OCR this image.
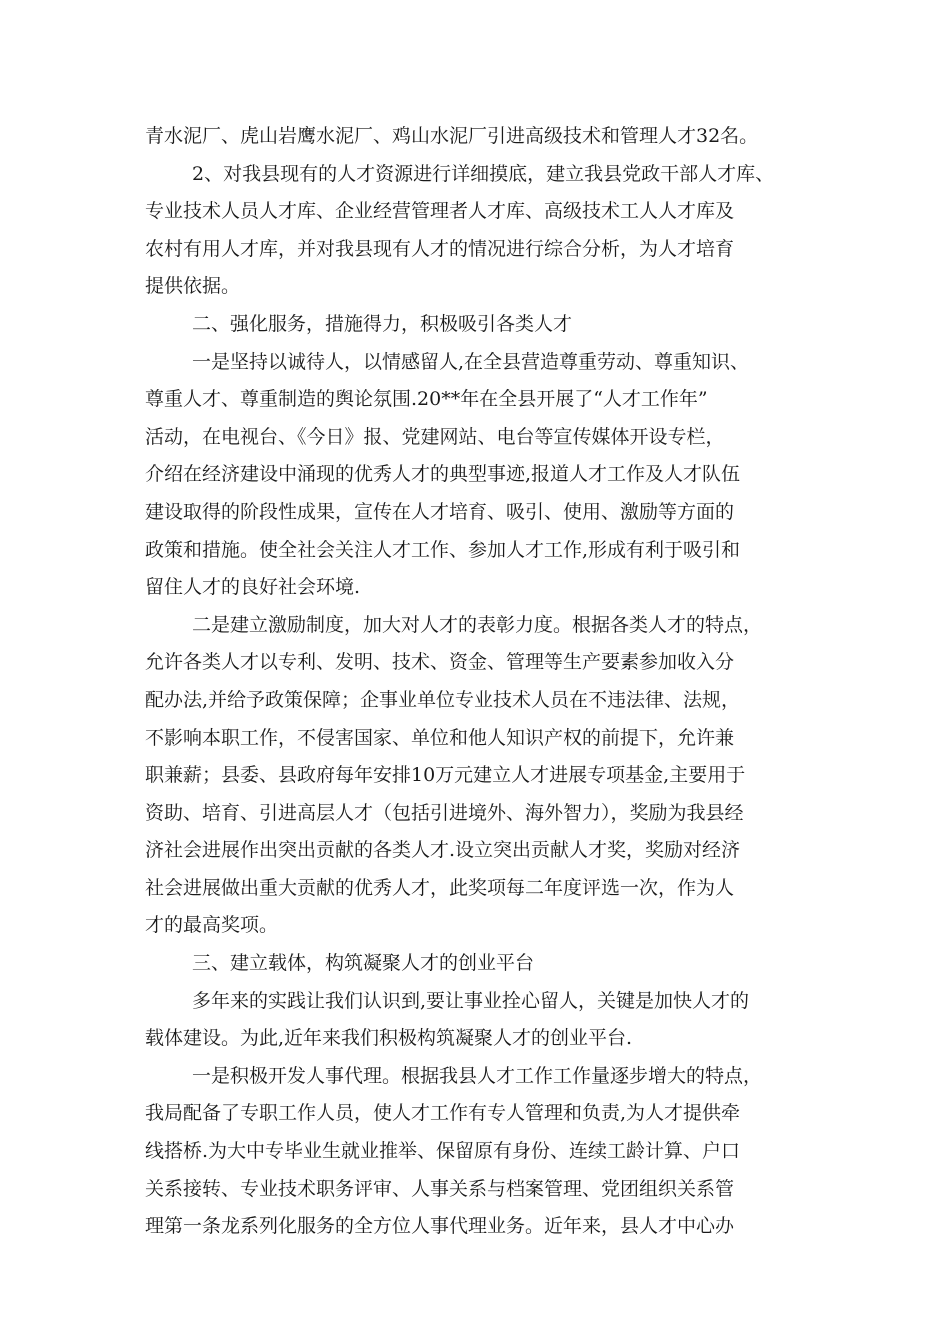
青水泥厂、虎山岩鹰水泥厂、鸡山水泥厂引进高级技术和管理人才32名。
2、对我县现有的人才资源进行详细摸底，建立我县党政干部人才库、
专业技术人员人才库、企业经营管理者人才库、高级技术工人人才库及
农村有用人才库，并对我县现有人才的情况进行综合分析，为人才培育
提供依据。
二、强化服务，措施得力，积极吸引各类人才
一是坚持以诚待人，以情感留人,在全县营造尊重劳动、尊重知识、
尊重人才、尊重制造的舆论氛围.20**年在全县开展了“人才工作年”
活动，在电视台、《今日》报、党建网站、电台等宣传媒体开设专栏，
介绍在经济建设中涌现的优秀人才的典型事迹,报道人才工作及人才队伍
建设取得的阶段性成果，宣传在人才培育、吸引、使用、激励等方面的
政策和措施。使全社会关注人才工作、参加人才工作,形成有利于吸引和
留住人才的良好社会环境.
二是建立激励制度，加大对人才的表彰力度。根据各类人才的特点，
允许各类人才以专利、发明、技术、资金、管理等生产要素参加收入分
配办法,并给予政策保障；企事业单位专业技术人员在不违法律、法规，
不影响本职工作，不侵害国家、单位和他人知识产权的前提下，允许兼
职兼薪；县委、县政府每年安排10万元建立人才进展专项基金,主要用于
资助、培育、引进高层人才（包括引进境外、海外智力），奖励为我县经
济社会进展作出突出贡献的各类人才.设立突出贡献人才奖，奖励对经济
社会进展做出重大贡献的优秀人才，此奖项每二年度评选一次，作为人
才的最高奖项。
三、建立载体，构筑凝聚人才的创业平台
多年来的实践让我们认识到,要让事业拴心留人，关键是加快人才的
载体建设。为此,近年来我们积极构筑凝聚人才的创业平台.
一是积极开发人事代理。根据我县人才工作工作量逐步增大的特点，
我局配备了专职工作人员，使人才工作有专人管理和负责,为人才提供牵
线搭桥.为大中专毕业生就业推举、保留原有身份、连续工龄计算、户口
关系接转、专业技术职务评审、人事关系与档案管理、党团组织关系管
理第一条龙系列化服务的全方位人事代理业务。近年来，县人才中心办
